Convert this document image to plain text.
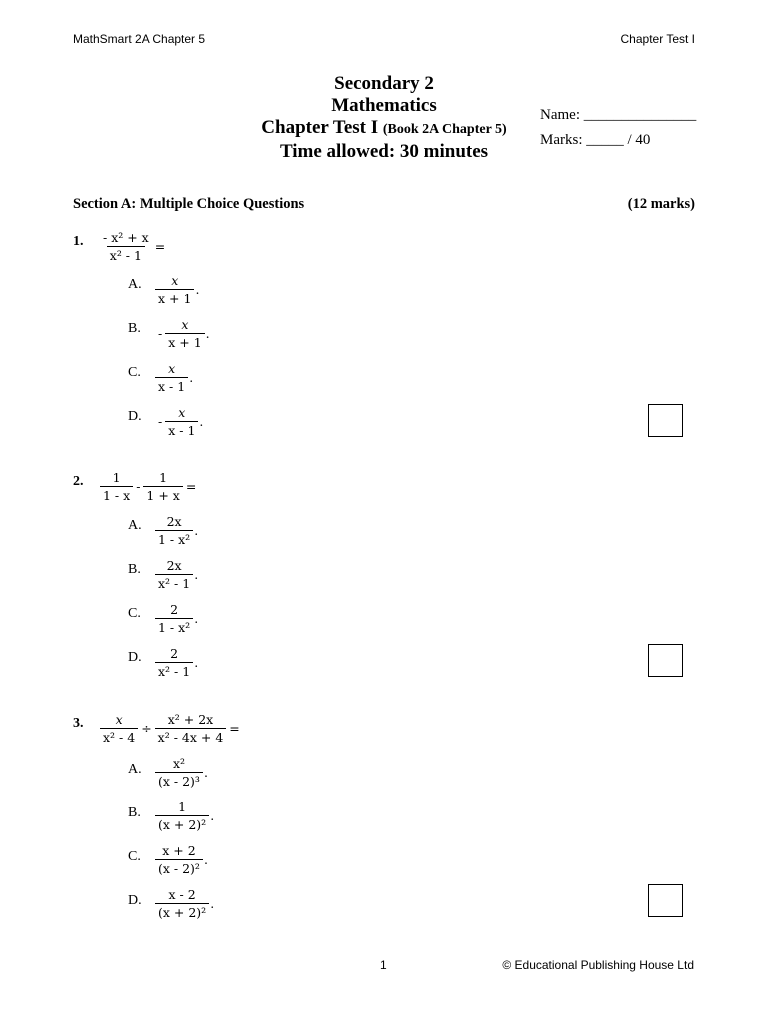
MathSmart 2A Chapter 5	Chapter Test I
Secondary 2
Mathematics
Chapter Test I (Book 2A Chapter 5)
Time allowed: 30 minutes
Name: _______________
Marks: _____ / 40
Section A: Multiple Choice Questions	(12 marks)
1. $\frac{\text{- x² + x}}{\text{x² - 1}}$ =
A. $\frac{x}{x + 1}$ .
B. - $\frac{x}{x + 1}$ .
C. $\frac{x}{x - 1}$ .
D. - $\frac{x}{x - 1}$ .
2. $\frac{1}{1 - x} - \frac{1}{1 + x}$ =
A. $\frac{2x}{\text{1 - x²}}$ .
B. $\frac{2x}{\text{x² - 1}}$ .
C. $\frac{2}{\text{1 - x²}}$ .
D. $\frac{2}{\text{x² - 1}}$ .
3. $\frac{x}{\text{x² - 4}} \div \frac{\text{x² + 2x}}{\text{x² - 4x + 4}}$ =
A. $\frac{\text{x²}}{\text{(x - 2)³}}$ .
B. $\frac{1}{\text{(x + 2)²}}$ .
C. $\frac{x + 2}{\text{(x - 2)²}}$ .
D. $\frac{x - 2}{\text{(x + 2)²}}$ .
1	© Educational Publishing House Ltd
